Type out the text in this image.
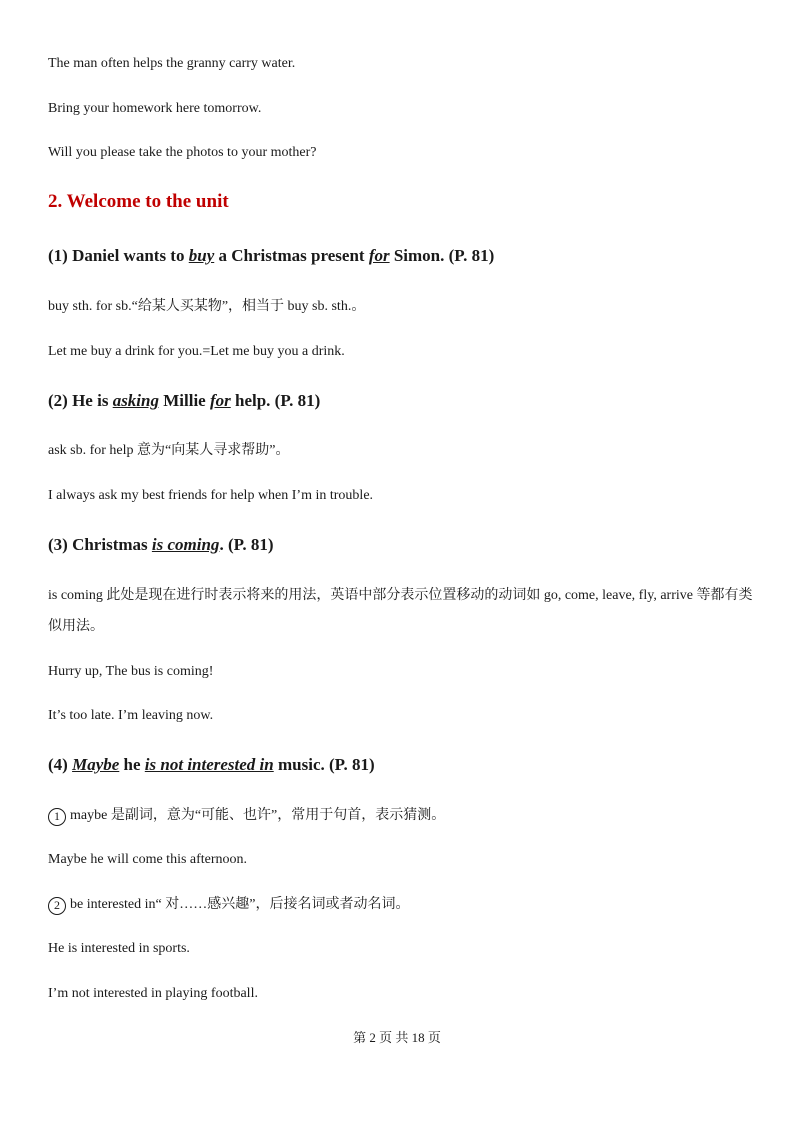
The man often helps the granny carry water.
Bring your homework here tomorrow.
Will you please take the photos to your mother?
2. Welcome to the unit
(1) Daniel wants to buy a Christmas present for Simon. (P. 81)
buy sth. for sb.“给某人买某物”，相当于 buy sb. sth.。
Let me buy a drink for you.=Let me buy you a drink.
(2) He is asking Millie for help. (P. 81)
ask sb. for help 意为“向某人寻求帮助”。
I always ask my best friends for help when I’m in trouble.
(3) Christmas is coming. (P. 81)
is coming 此处是现在进行时表示将来的用法，英语中部分表示位置移动的动词如 go, come, leave, fly, arrive 等都有类似用法。
Hurry up, The bus is coming!
It’s too late. I’m leaving now.
(4) Maybe he is not interested in music. (P. 81)
1 maybe 是副词，意为“可能、也许”，常用于句首，表示猜测。
Maybe he will come this afternoon.
2 be interested in“ 对……感兴趣”，后接名词或者动名词。
He is interested in sports.
I’m not interested in playing football.
第 2 页 共 18 页
